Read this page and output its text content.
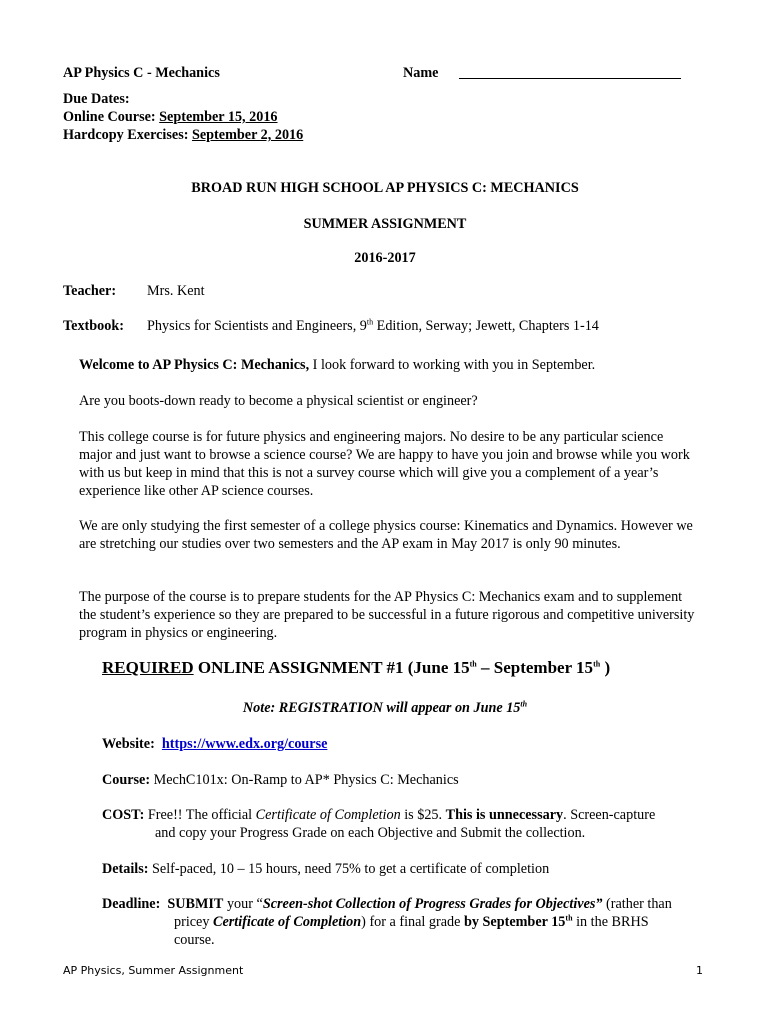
AP Physics C - Mechanics	Name
Due Dates:
Online Course: September 15, 2016
Hardcopy Exercises: September 2, 2016
BROAD RUN HIGH SCHOOL AP PHYSICS C: MECHANICS
SUMMER ASSIGNMENT
2016-2017
Teacher: Mrs. Kent
Textbook: Physics for Scientists and Engineers, 9th Edition, Serway; Jewett, Chapters 1-14
Welcome to AP Physics C: Mechanics, I look forward to working with you in September.
Are you boots-down ready to become a physical scientist or engineer?
This college course is for future physics and engineering majors. No desire to be any particular science major and just want to browse a science course? We are happy to have you join and browse while you work with us but keep in mind that this is not a survey course which will give you a complement of a year’s experience like other AP science courses.
We are only studying the first semester of a college physics course: Kinematics and Dynamics. However we are stretching our studies over two semesters and the AP exam in May 2017 is only 90 minutes.
The purpose of the course is to prepare students for the AP Physics C: Mechanics exam and to supplement the student’s experience so they are prepared to be successful in a future rigorous and competitive university program in physics or engineering.
REQUIRED ONLINE ASSIGNMENT #1 (June 15th – September 15th )
Note: REGISTRATION will appear on June 15th
Website: https://www.edx.org/course
Course: MechC101x: On-Ramp to AP* Physics C: Mechanics
COST: Free!! The official Certificate of Completion is $25. This is unnecessary. Screen-capture
and copy your Progress Grade on each Objective and Submit the collection.
Details: Self-paced, 10 – 15 hours, need 75% to get a certificate of completion
Deadline: SUBMIT your “Screen-shot Collection of Progress Grades for Objectives” (rather than
pricey Certificate of Completion) for a final grade by September 15th in the BRHS
course.
AP Physics, Summer Assignment	1
